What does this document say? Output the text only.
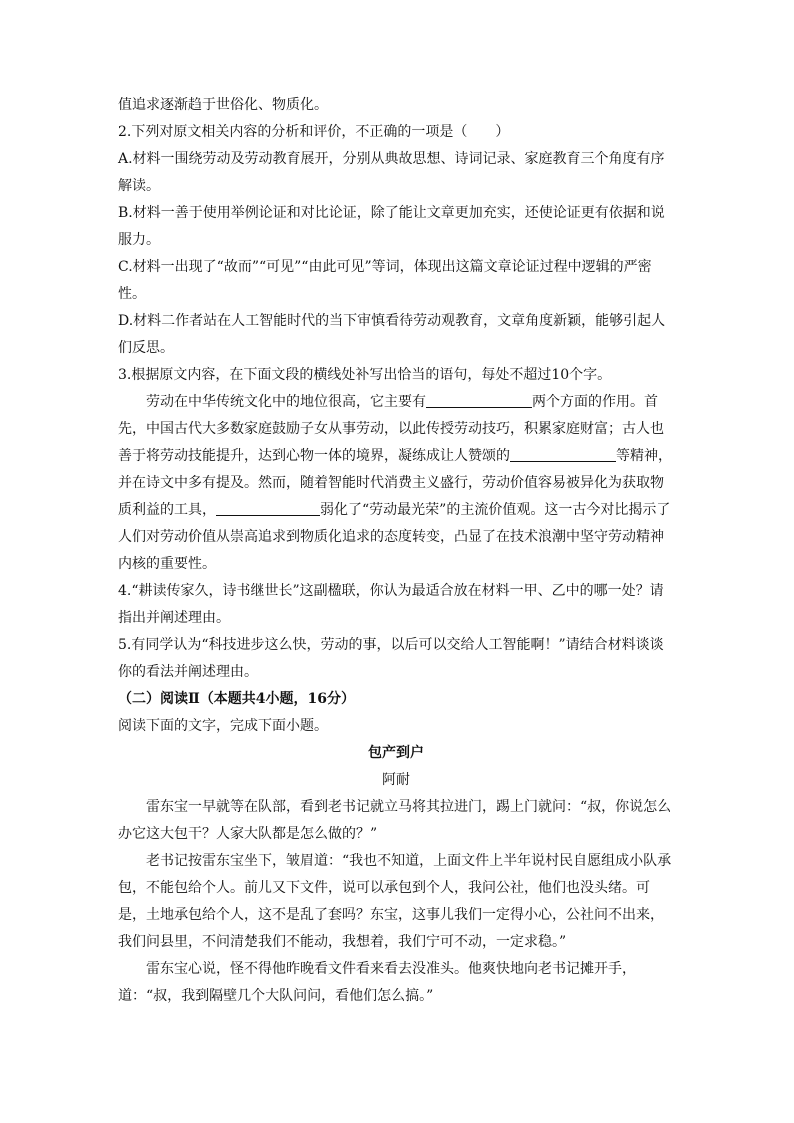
值追求逐渐趋于世俗化、物质化。

2.下列对原文相关内容的分析和评价，不正确的一项是（　　）

A.材料一围绕劳动及劳动教育展开，分别从典故思想、诗词记录、家庭教育三个角度有序解读。

B.材料一善于使用举例论证和对比论证，除了能让文章更加充实，还使论证更有依据和说服力。

C.材料一出现了“故而”“可见”“由此可见”等词，体现出这篇文章论证过程中逻辑的严密性。

D.材料二作者站在人工智能时代的当下审慎看待劳动观教育，文章角度新颖，能够引起人们反思。

3.根据原文内容，在下面文段的横线处补写出恰当的语句，每处不超过10个字。

劳动在中华传统文化中的地位很高，它主要有	两个方面的作用。首先，中国古代大多数家庭鼓励子女从事劳动，以此传授劳动技巧，积累家庭财富；古人也善于将劳动技能提升，达到心物一体的境界，凝练成让人赞颂的	等精神，并在诗文中多有提及。然而，随着智能时代消费主义盛行，劳动价值容易被异化为获取物质利益的工具，	弱化了“劳动最光荣”的主流价值观。这一古今对比揭示了人们对劳动价值从崇高追求到物质化追求的态度转变，凸显了在技术浪潮中坚守劳动精神内核的重要性。

4.“耕读传家久，诗书继世长”这副楹联，你认为最适合放在材料一甲、乙中的哪一处？请指出并阐述理由。

5.有同学认为“科技进步这么快，劳动的事，以后可以交给人工智能啊！”请结合材料谈谈你的看法并阐述理由。

（二）阅读Ⅱ（本题共4小题，16分）

阅读下面的文字，完成下面小题。

包产到户

阿耐

雷东宝一早就等在队部，看到老书记就立马将其拉进门，踢上门就问：“叔，你说怎么办它这大包干？人家大队都是怎么做的？”

老书记按雷东宝坐下，皱眉道：“我也不知道，上面文件上半年说村民自愿组成小队承包，不能包给个人。前儿又下文件，说可以承包到个人，我问公社，他们也没头绪。可是，土地承包给个人，这不是乱了套吗？东宝，这事儿我们一定得小心，公社问不出来，我们问县里，不问清楚我们不能动，我想着，我们宁可不动，一定求稳。”

雷东宝心说，怪不得他昨晚看文件看来看去没准头。他爽快地向老书记摊开手，道：“叔，我到隔壁几个大队问问，看他们怎么搞。”
